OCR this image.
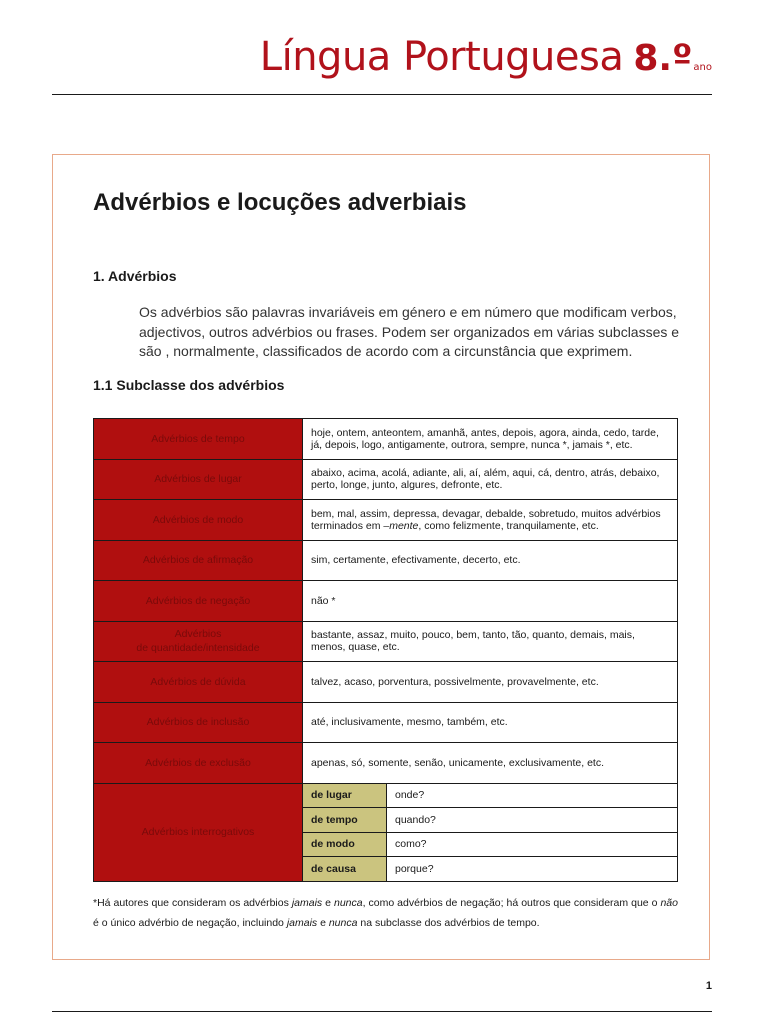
Língua Portuguesa 8.ºano
Advérbios e locuções adverbiais
1. Advérbios

Os advérbios são palavras invariáveis em género e em número que modificam verbos, adjectivos, outros advérbios ou frases. Podem ser organizados em várias subclasses e são , normalmente, classificados de acordo com a circunstância que exprimem.

1.1 Subclasse dos advérbios
Advérbios de tempo	hoje, ontem, anteontem, amanhã, antes, depois, agora, ainda, cedo, tarde, já, depois, logo, antigamente, outrora, sempre, nunca *, jamais *, etc.	
Advérbios de lugar	abaixo, acima, acolá, adiante, ali, aí, além, aqui, cá, dentro, atrás, debaixo, perto, longe, junto, algures, defronte, etc.	
Advérbios de modo	bem, mal, assim, depressa, devagar, debalde, sobretudo, muitos advérbios terminados em –mente, como felizmente, tranquilamente, etc.	
Advérbios de afirmação	sim, certamente, efectivamente, decerto, etc.	
Advérbios de negação	não *	
Advérbios
de quantidade/intensidade	bastante, assaz, muito, pouco, bem, tanto, tão, quanto, demais, mais, menos, quase, etc.	
Advérbios de dúvida	talvez, acaso, porventura, possivelmente, provavelmente, etc.	
Advérbios de inclusão	até, inclusivamente, mesmo, também, etc.	
Advérbios de exclusão	apenas, só, somente, senão, unicamente, exclusivamente, etc.	
Advérbios interrogativos	de lugar	onde?
	de tempo	quando?
	de modo	como?
	de causa	porque?

*Há autores que consideram os advérbios jamais e nunca, como advérbios de negação; há outros que consideram que o não é o único advérbio de negação, incluindo jamais e nunca na subclasse dos advérbios de tempo.

1
